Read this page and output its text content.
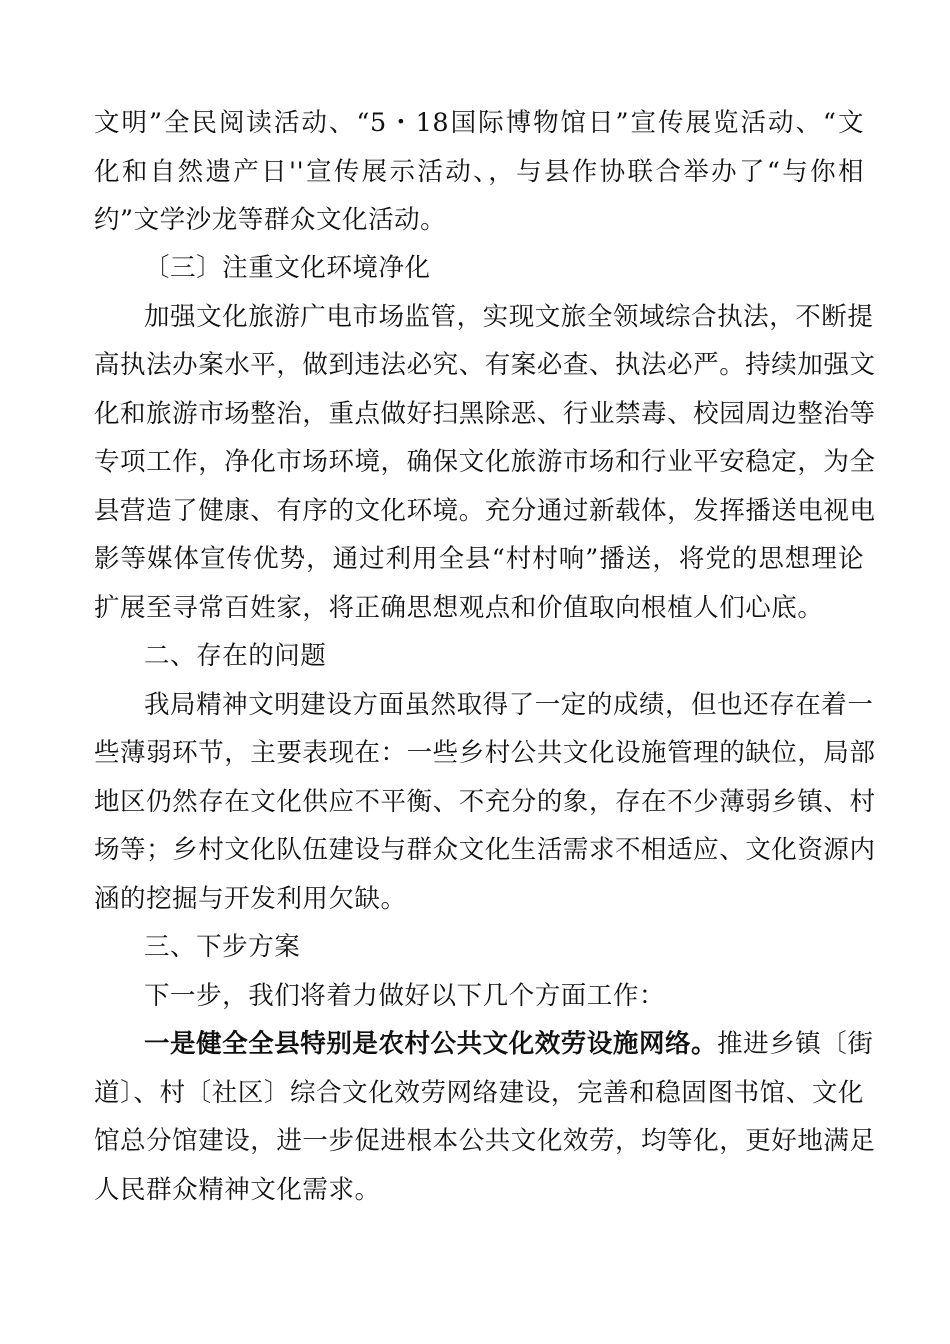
文明”全民阅读活动、“5・18国际博物馆日”宣传展览活动、“文
化和自然遗产日''宣传展示活动、，与县作协联合举办了“与你相
约”文学沙龙等群众文化活动。
〔三〕注重文化环境净化
加强文化旅游广电市场监管，实现文旅全领域综合执法，不断提
高执法办案水平，做到违法必究、有案必查、执法必严。持续加强文
化和旅游市场整治，重点做好扫黑除恶、行业禁毒、校园周边整治等
专项工作，净化市场环境，确保文化旅游市场和行业平安稳定，为全
县营造了健康、有序的文化环境。充分通过新载体，发挥播送电视电
影等媒体宣传优势，通过利用全县“村村响”播送，将党的思想理论
扩展至寻常百姓家，将正确思想观点和价值取向根植人们心底。
二、存在的问题
我局精神文明建设方面虽然取得了一定的成绩，但也还存在着一
些薄弱环节，主要表现在：一些乡村公共文化设施管理的缺位，局部
地区仍然存在文化供应不平衡、不充分的象，存在不少薄弱乡镇、村
场等；乡村文化队伍建设与群众文化生活需求不相适应、文化资源内
涵的挖掘与开发利用欠缺。
三、下步方案
下一步，我们将着力做好以下几个方面工作：
一是健全全县特别是农村公共文化效劳设施网络。推进乡镇〔街
道〕、村〔社区〕综合文化效劳网络建设，完善和稳固图书馆、文化
馆总分馆建设，进一步促进根本公共文化效劳，均等化，更好地满足
人民群众精神文化需求。
